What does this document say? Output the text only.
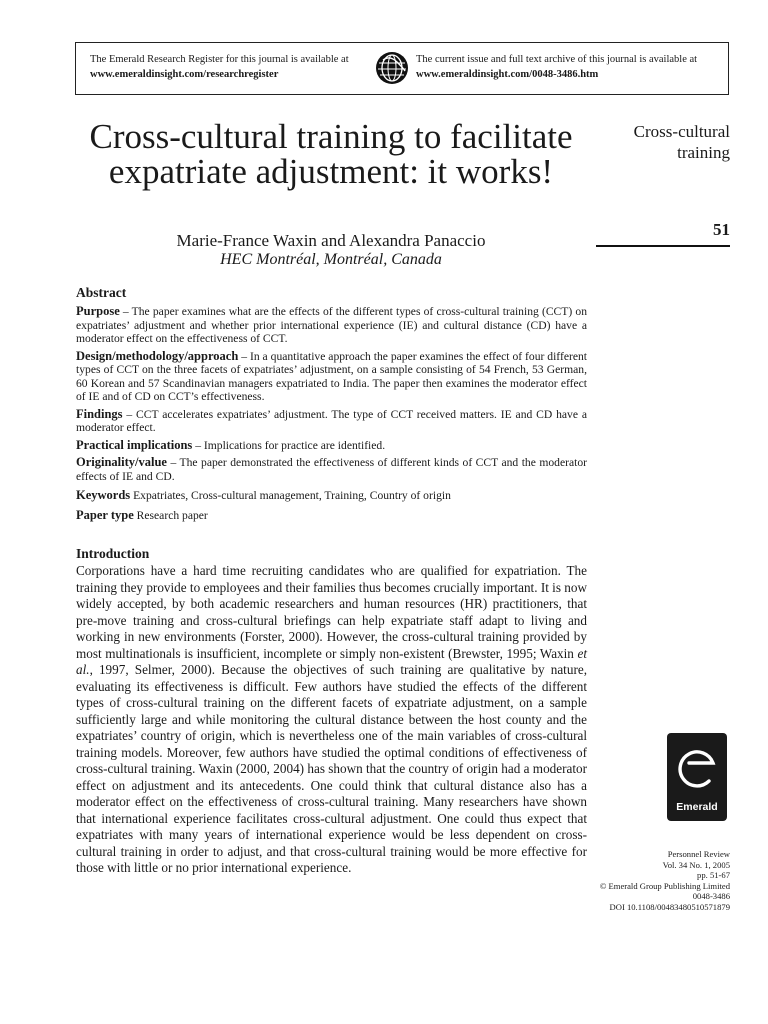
The Emerald Research Register for this journal is available at
www.emeraldinsight.com/researchregister
The current issue and full text archive of this journal is available at
www.emeraldinsight.com/0048-3486.htm
Cross-cultural training to facilitate expatriate adjustment: it works!
Marie-France Waxin and Alexandra Panaccio
HEC Montréal, Montréal, Canada
Cross-cultural training
51
Abstract

Purpose – The paper examines what are the effects of the different types of cross-cultural training (CCT) on expatriates’ adjustment and whether prior international experience (IE) and cultural distance (CD) have a moderator effect on the effectiveness of CCT.

Design/methodology/approach – In a quantitative approach the paper examines the effect of four different types of CCT on the three facets of expatriates’ adjustment, on a sample consisting of 54 French, 53 German, 60 Korean and 57 Scandinavian managers expatriated to India. The paper then examines the moderator effect of IE and of CD on CCT’s effectiveness.

Findings – CCT accelerates expatriates’ adjustment. The type of CCT received matters. IE and CD have a moderator effect.

Practical implications – Implications for practice are identified.

Originality/value – The paper demonstrated the effectiveness of different kinds of CCT and the moderator effects of IE and CD.

Keywords Expatriates, Cross-cultural management, Training, Country of origin

Paper type Research paper

Introduction

Corporations have a hard time recruiting candidates who are qualified for expatriation. The training they provide to employees and their families thus becomes crucially important. It is now widely accepted, by both academic researchers and human resources (HR) practitioners, that pre-move training and cross-cultural briefings can help expatriate staff adapt to living and working in new environments (Forster, 2000). However, the cross-cultural training provided by most multinationals is insufficient, incomplete or simply non-existent (Brewster, 1995; Waxin et al., 1997, Selmer, 2000). Because the objectives of such training are qualitative by nature, evaluating its effectiveness is difficult. Few authors have studied the effects of the different types of cross-cultural training on the different facets of expatriate adjustment, on a sample sufficiently large and while monitoring the cultural distance between the host county and the expatriates’ country of origin, which is nevertheless one of the main variables of cross-cultural training models. Moreover, few authors have studied the optimal conditions of effectiveness of cross-cultural training. Waxin (2000, 2004) has shown that the country of origin had a moderator effect on adjustment and its antecedents. One could think that cultural distance also has a moderator effect on the effectiveness of cross-cultural training. Many researchers have shown that international experience facilitates cross-cultural adjustment. One could thus expect that expatriates with many years of international experience would be less dependent on cross-cultural training in order to adjust, and that cross-cultural training would be more effective for those with little or no prior international experience.

Emerald
Personnel Review
Vol. 34 No. 1, 2005
pp. 51-67
© Emerald Group Publishing Limited
0048-3486
DOI 10.1108/00483480510571879
